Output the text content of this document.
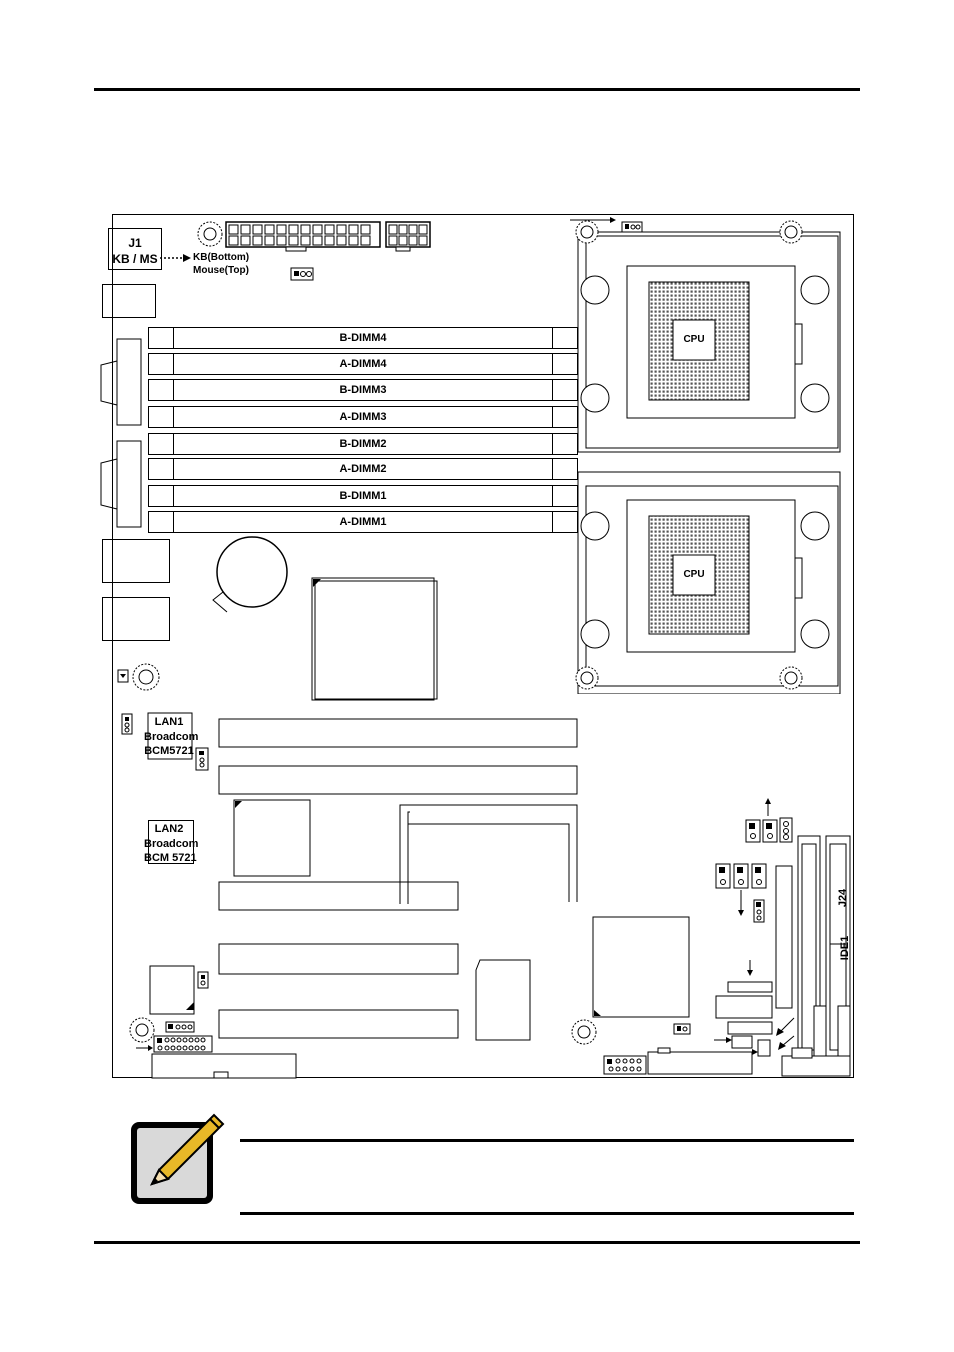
J1
KB / MS	KB(Bottom)
Mouse(Top)
B-DIMM4
A-DIMM4
B-DIMM3
A-DIMM3
B-DIMM2
A-DIMM2
B-DIMM1
A-DIMM1
CPU
CPU
LAN1
Broadcom
BCM5721
LAN2
Broadcom
BCM 5721
J24
IDE1
